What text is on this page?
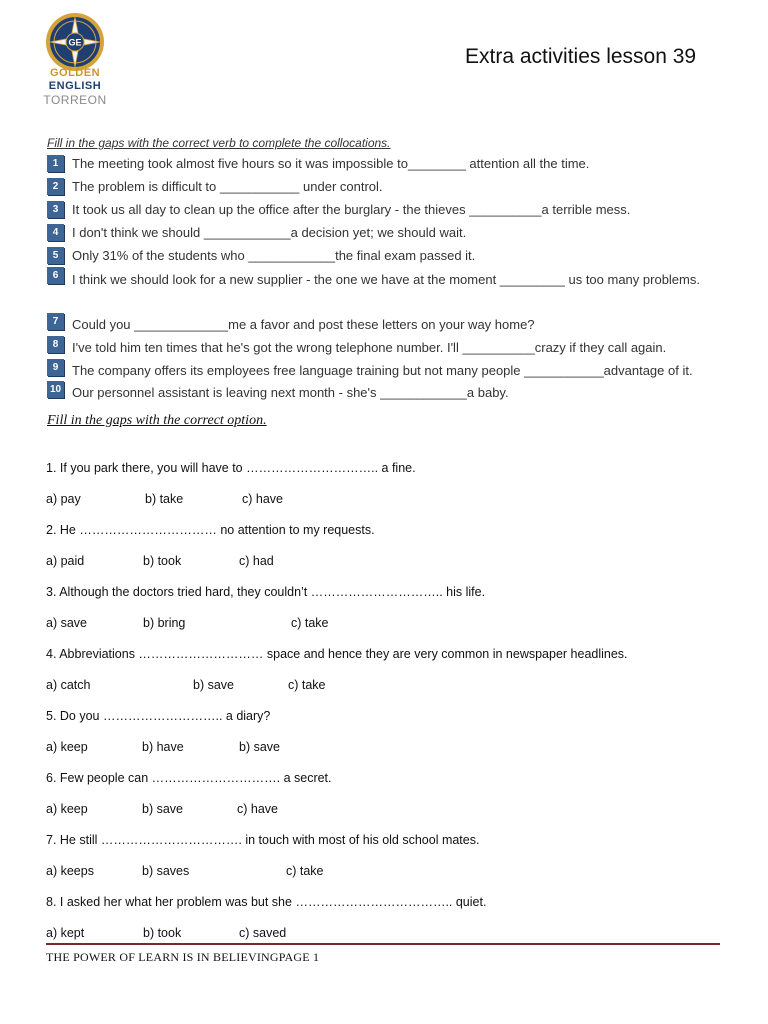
GE
GOLDEN
ENGLISH
TORREON
Extra activities lesson 39
Fill in the gaps with the correct verb to complete the collocations.
1	The meeting took almost five hours so it was impossible to________ attention all the time.
2	The problem is difficult to ___________ under control.
3	It took us all day to clean up the office after the burglary - the thieves __________a terrible mess.
4	I don't think we should ____________a decision yet; we should wait.
5	Only 31% of the students who ____________the final exam passed it.
6	I think we should look for a new supplier - the one we have at the moment _________ us too many problems.
7	Could you _____________me a favor and post these letters on your way home?
8	I've told him ten times that he's got the wrong telephone number. I'll __________crazy if they call again.
9	The company offers its employees free language training but not many people ___________advantage of it.
10 Our personnel assistant is leaving next month - she's ____________a baby.
Fill in the gaps with the correct option.
1. If you park there, you will have to ………………………….. a fine.
a) pay	b) take	c) have
2. He …………………………… no attention to my requests.
a) paid	b) took	c) had
3. Although the doctors tried hard, they couldn’t ………………………….. his life.
a) save	b) bring	c) take
4. Abbreviations ………………………… space and hence they are very common in newspaper headlines.
a) catch	b) save	c) take
5. Do you ……………………….. a diary?
a) keep	b) have	b) save
6. Few people can …………………………. a secret.
a) keep	b) save	c) have
7. He still ……………………………. in touch with most of his old school mates.
a) keeps	b) saves	c) take
8. I asked her what her problem was but she ……………………………….. quiet.
a) kept	b) took	c) saved
THE POWER OF LEARN IS IN BELIEVINGPAGE 1
